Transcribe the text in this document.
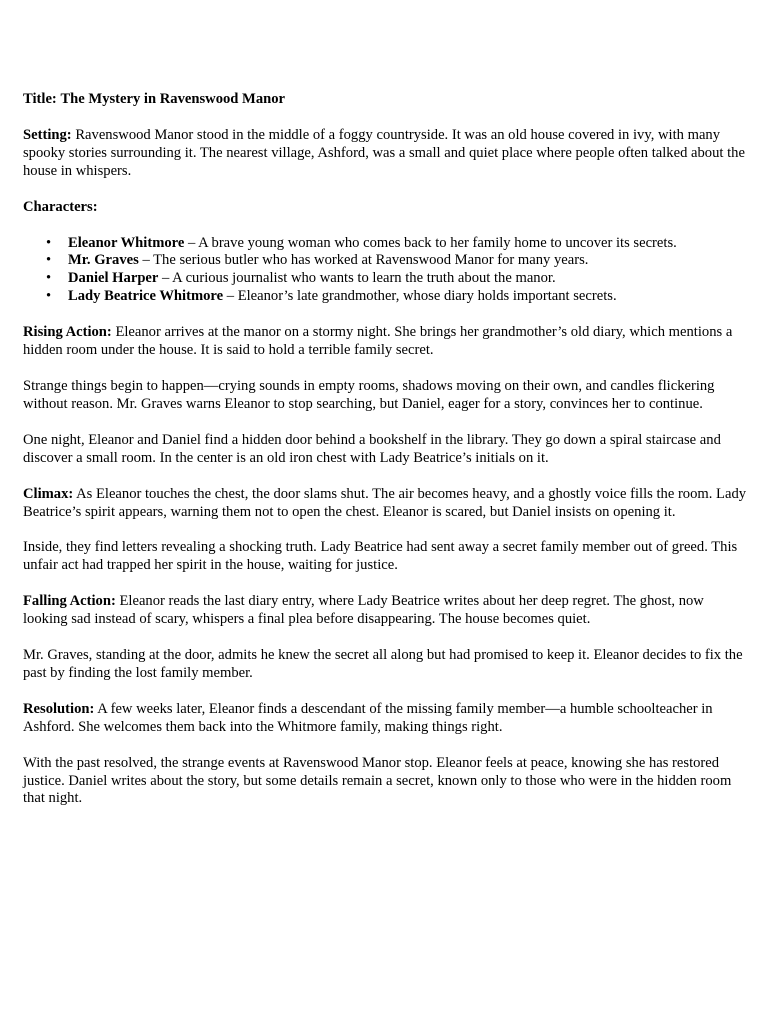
Title: The Mystery in Ravenswood Manor

Setting: Ravenswood Manor stood in the middle of a foggy countryside. It was an old house covered in ivy, with many spooky stories surrounding it. The nearest village, Ashford, was a small and quiet place where people often talked about the house in whispers.

Characters:

• Eleanor Whitmore – A brave young woman who comes back to her family home to uncover its secrets.
• Mr. Graves – The serious butler who has worked at Ravenswood Manor for many years.
• Daniel Harper – A curious journalist who wants to learn the truth about the manor.
• Lady Beatrice Whitmore – Eleanor’s late grandmother, whose diary holds important secrets.

Rising Action: Eleanor arrives at the manor on a stormy night. She brings her grandmother’s old diary, which mentions a hidden room under the house. It is said to hold a terrible family secret.

Strange things begin to happen—crying sounds in empty rooms, shadows moving on their own, and candles flickering without reason. Mr. Graves warns Eleanor to stop searching, but Daniel, eager for a story, convinces her to continue.

One night, Eleanor and Daniel find a hidden door behind a bookshelf in the library. They go down a spiral staircase and discover a small room. In the center is an old iron chest with Lady Beatrice’s initials on it.

Climax: As Eleanor touches the chest, the door slams shut. The air becomes heavy, and a ghostly voice fills the room. Lady Beatrice’s spirit appears, warning them not to open the chest. Eleanor is scared, but Daniel insists on opening it.

Inside, they find letters revealing a shocking truth. Lady Beatrice had sent away a secret family member out of greed. This unfair act had trapped her spirit in the house, waiting for justice.

Falling Action: Eleanor reads the last diary entry, where Lady Beatrice writes about her deep regret. The ghost, now looking sad instead of scary, whispers a final plea before disappearing. The house becomes quiet.

Mr. Graves, standing at the door, admits he knew the secret all along but had promised to keep it. Eleanor decides to fix the past by finding the lost family member.

Resolution: A few weeks later, Eleanor finds a descendant of the missing family member—a humble schoolteacher in Ashford. She welcomes them back into the Whitmore family, making things right.

With the past resolved, the strange events at Ravenswood Manor stop. Eleanor feels at peace, knowing she has restored justice. Daniel writes about the story, but some details remain a secret, known only to those who were in the hidden room that night.
